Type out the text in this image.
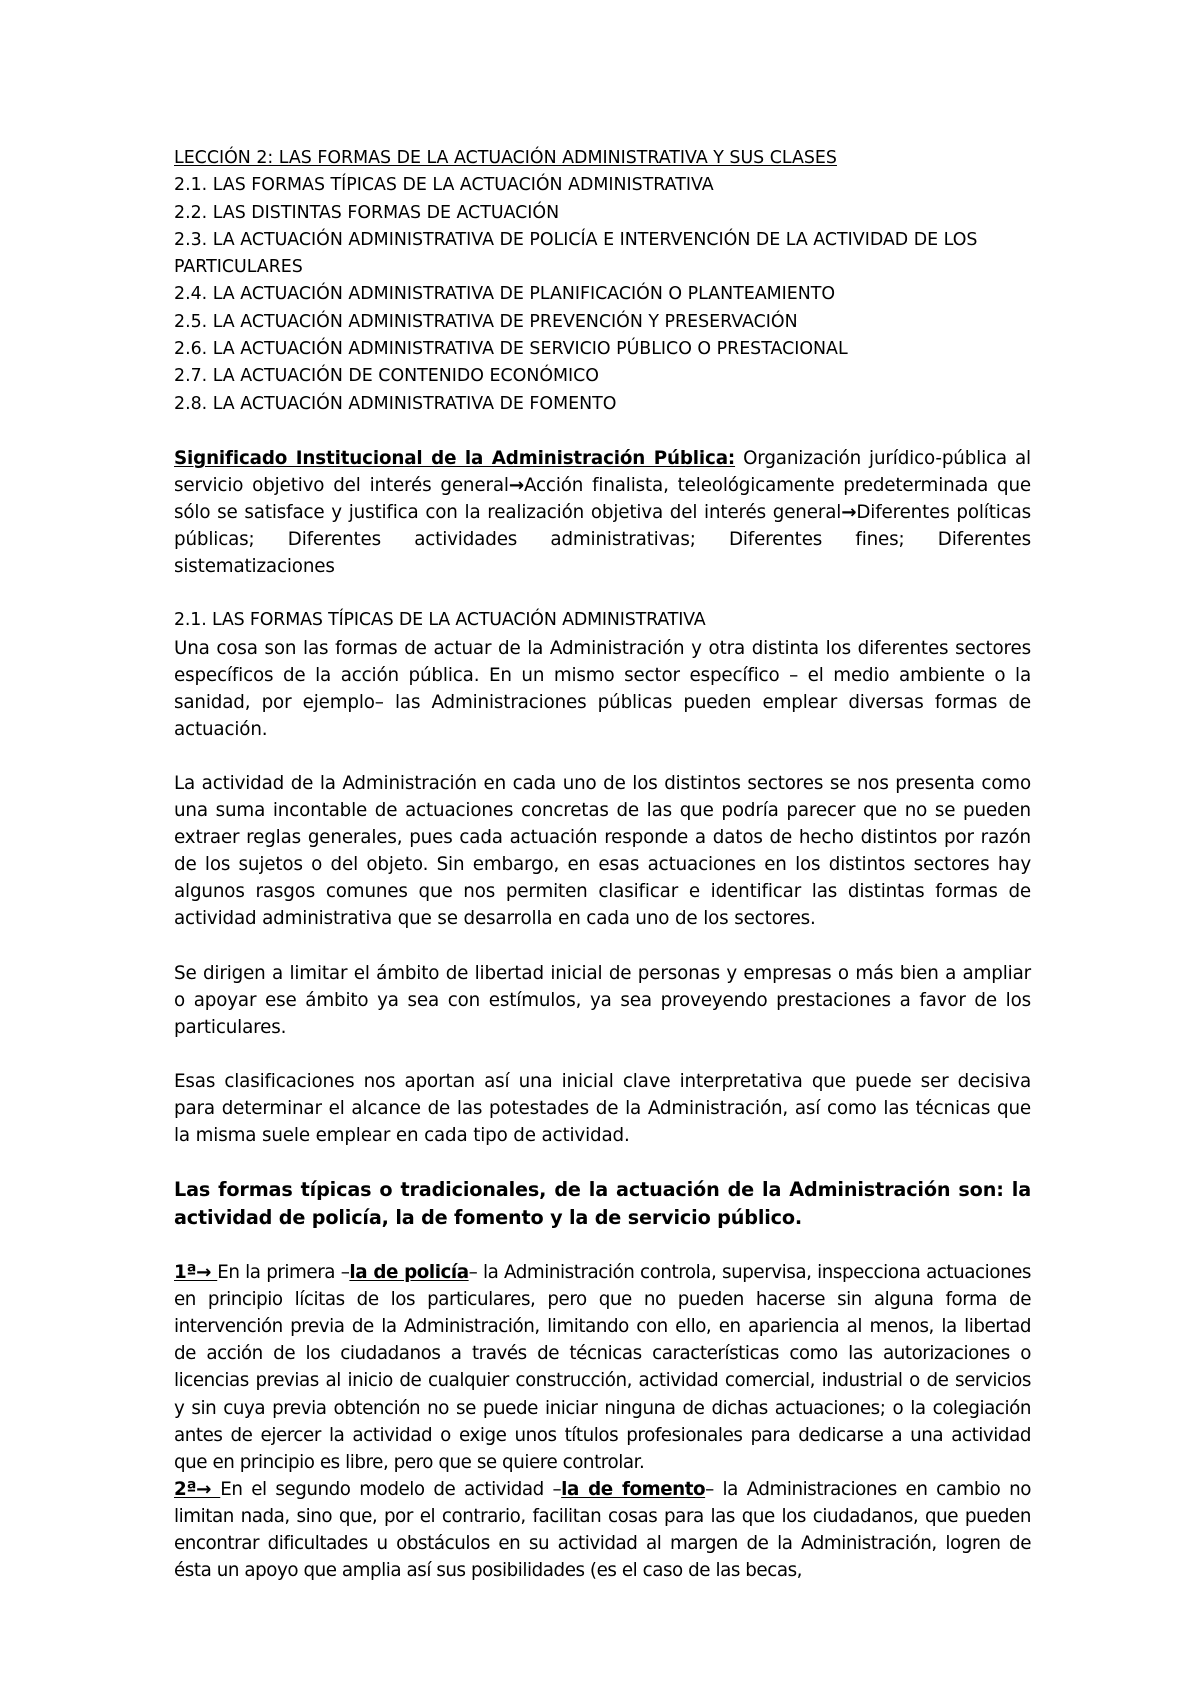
LECCIÓN 2: LAS FORMAS DE LA ACTUACIÓN ADMINISTRATIVA Y SUS CLASES
2.1. LAS FORMAS TÍPICAS DE LA ACTUACIÓN ADMINISTRATIVA
2.2. LAS DISTINTAS FORMAS DE ACTUACIÓN
2.3. LA ACTUACIÓN ADMINISTRATIVA DE POLICÍA E INTERVENCIÓN DE LA ACTIVIDAD DE LOS PARTICULARES
2.4. LA ACTUACIÓN ADMINISTRATIVA DE PLANIFICACIÓN O PLANTEAMIENTO
2.5. LA ACTUACIÓN ADMINISTRATIVA DE PREVENCIÓN Y PRESERVACIÓN
2.6. LA ACTUACIÓN ADMINISTRATIVA DE SERVICIO PÚBLICO O PRESTACIONAL
2.7. LA ACTUACIÓN DE CONTENIDO ECONÓMICO
2.8. LA ACTUACIÓN ADMINISTRATIVA DE FOMENTO

Significado Institucional de la Administración Pública: Organización jurídico-pública al servicio objetivo del interés general→Acción finalista, teleológicamente predeterminada que sólo se satisface y justifica con la realización objetiva del interés general→Diferentes políticas públicas; Diferentes actividades administrativas; Diferentes fines; Diferentes sistematizaciones

2.1. LAS FORMAS TÍPICAS DE LA ACTUACIÓN ADMINISTRATIVA

Una cosa son las formas de actuar de la Administración y otra distinta los diferentes sectores específicos de la acción pública. En un mismo sector específico – el medio ambiente o la sanidad, por ejemplo– las Administraciones públicas pueden emplear diversas formas de actuación.

La actividad de la Administración en cada uno de los distintos sectores se nos presenta como una suma incontable de actuaciones concretas de las que podría parecer que no se pueden extraer reglas generales, pues cada actuación responde a datos de hecho distintos por razón de los sujetos o del objeto. Sin embargo, en esas actuaciones en los distintos sectores hay algunos rasgos comunes que nos permiten clasificar e identificar las distintas formas de actividad administrativa que se desarrolla en cada uno de los sectores.

Se dirigen a limitar el ámbito de libertad inicial de personas y empresas o más bien a ampliar o apoyar ese ámbito ya sea con estímulos, ya sea proveyendo prestaciones a favor de los particulares.

Esas clasificaciones nos aportan así una inicial clave interpretativa que puede ser decisiva para determinar el alcance de las potestades de la Administración, así como las técnicas que la misma suele emplear en cada tipo de actividad.

Las formas típicas o tradicionales, de la actuación de la Administración son: la actividad de policía, la de fomento y la de servicio público.

1ª→ En la primera –la de policía– la Administración controla, supervisa, inspecciona actuaciones en principio lícitas de los particulares, pero que no pueden hacerse sin alguna forma de intervención previa de la Administración, limitando con ello, en apariencia al menos, la libertad de acción de los ciudadanos a través de técnicas características como las autorizaciones o licencias previas al inicio de cualquier construcción, actividad comercial, industrial o de servicios y sin cuya previa obtención no se puede iniciar ninguna de dichas actuaciones; o la colegiación antes de ejercer la actividad o exige unos títulos profesionales para dedicarse a una actividad que en principio es libre, pero que se quiere controlar.

2ª→ En el segundo modelo de actividad –la de fomento– la Administraciones en cambio no limitan nada, sino que, por el contrario, facilitan cosas para las que los ciudadanos, que pueden encontrar dificultades u obstáculos en su actividad al margen de la Administración, logren de ésta un apoyo que amplia así sus posibilidades (es el caso de las becas,
